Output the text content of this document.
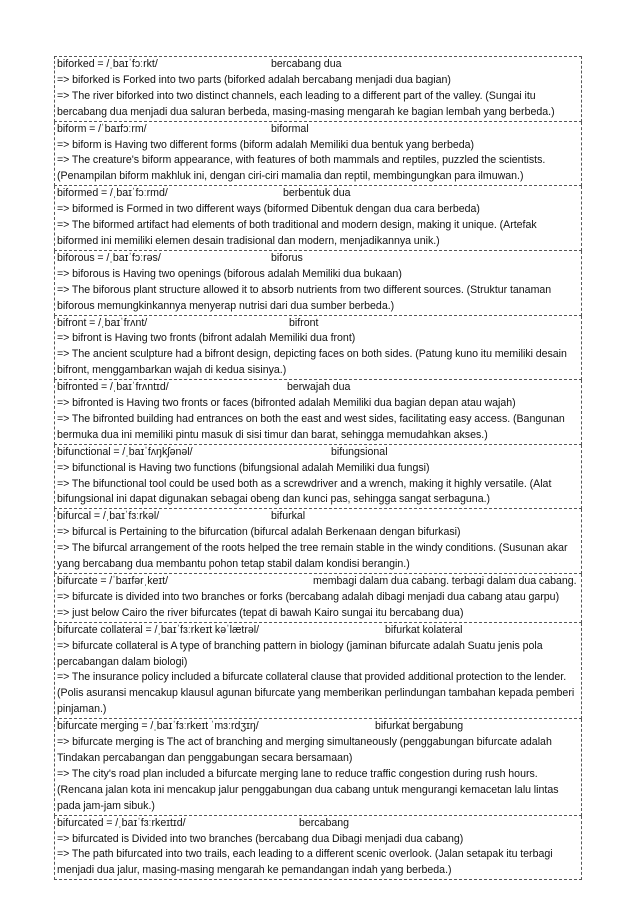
biforked = /ˌbaɪˈfɔːrkt/	bercabang dua
=> biforked is Forked into two parts (biforked adalah bercabang menjadi dua bagian)
=> The river biforked into two distinct channels, each leading to a different part of the valley. (Sungai itu bercabang dua menjadi dua saluran berbeda, masing-masing mengarah ke bagian lembah yang berbeda.)
biform = /ˈbaɪfɔːrm/	biformal
=> biform is Having two different forms (biform adalah Memiliki dua bentuk yang berbeda)
=> The creature's biform appearance, with features of both mammals and reptiles, puzzled the scientists. (Penampilan biform makhluk ini, dengan ciri-ciri mamalia dan reptil, membingungkan para ilmuwan.)
biformed = /ˌbaɪˈfɔːrmd/	berbentuk dua
=> biformed is Formed in two different ways (biformed Dibentuk dengan dua cara berbeda)
=> The biformed artifact had elements of both traditional and modern design, making it unique. (Artefak biformed ini memiliki elemen desain tradisional dan modern, menjadikannya unik.)
biforous = /ˌbaɪˈfɔːrəs/	biforus
=> biforous is Having two openings (biforous adalah Memiliki dua bukaan)
=> The biforous plant structure allowed it to absorb nutrients from two different sources. (Struktur tanaman biforous memungkinkannya menyerap nutrisi dari dua sumber berbeda.)
bifront = /ˌbaɪˈfrʌnt/	bifront
=> bifront is Having two fronts (bifront adalah Memiliki dua front)
=> The ancient sculpture had a bifront design, depicting faces on both sides. (Patung kuno itu memiliki desain bifront, menggambarkan wajah di kedua sisinya.)
bifronted = /ˌbaɪˈfrʌntɪd/	berwajah dua
=> bifronted is Having two fronts or faces (bifronted adalah Memiliki dua bagian depan atau wajah)
=> The bifronted building had entrances on both the east and west sides, facilitating easy access. (Bangunan bermuka dua ini memiliki pintu masuk di sisi timur dan barat, sehingga memudahkan akses.)
bifunctional = /ˌbaɪˈfʌŋkʃənəl/	bifungsional
=> bifunctional is Having two functions (bifungsional adalah Memiliki dua fungsi)
=> The bifunctional tool could be used both as a screwdriver and a wrench, making it highly versatile. (Alat bifungsional ini dapat digunakan sebagai obeng dan kunci pas, sehingga sangat serbaguna.)
bifurcal = /ˌbaɪˈfɜːrkəl/	bifurkal
=> bifurcal is Pertaining to the bifurcation (bifurcal adalah Berkenaan dengan bifurkasi)
=> The bifurcal arrangement of the roots helped the tree remain stable in the windy conditions. (Susunan akar yang bercabang dua membantu pohon tetap stabil dalam kondisi berangin.)
bifurcate = /ˈbaɪfərˌkeɪt/	membagi dalam dua cabang. terbagi dalam dua cabang.
=> bifurcate is divided into two branches or forks (bercabang adalah dibagi menjadi dua cabang atau garpu)
=> just below Cairo the river bifurcates (tepat di bawah Kairo sungai itu bercabang dua)
bifurcate collateral = /ˌbaɪˈfɜːrkeɪt kəˈlætrəl/	bifurkat kolateral
=> bifurcate collateral is A type of branching pattern in biology (jaminan bifurcate adalah Suatu jenis pola percabangan dalam biologi)
=> The insurance policy included a bifurcate collateral clause that provided additional protection to the lender. (Polis asuransi mencakup klausul agunan bifurcate yang memberikan perlindungan tambahan kepada pemberi pinjaman.)
bifurcate merging = /ˌbaɪˈfɜːrkeɪt ˈmɜːrdʒɪŋ/	bifurkat bergabung
=> bifurcate merging is The act of branching and merging simultaneously (penggabungan bifurcate adalah Tindakan percabangan dan penggabungan secara bersamaan)
=> The city's road plan included a bifurcate merging lane to reduce traffic congestion during rush hours. (Rencana jalan kota ini mencakup jalur penggabungan dua cabang untuk mengurangi kemacetan lalu lintas pada jam-jam sibuk.)
bifurcated = /ˌbaɪˈfɜːrkeɪtɪd/	bercabang
=> bifurcated is Divided into two branches (bercabang dua Dibagi menjadi dua cabang)
=> The path bifurcated into two trails, each leading to a different scenic overlook. (Jalan setapak itu terbagi menjadi dua jalur, masing-masing mengarah ke pemandangan indah yang berbeda.)
